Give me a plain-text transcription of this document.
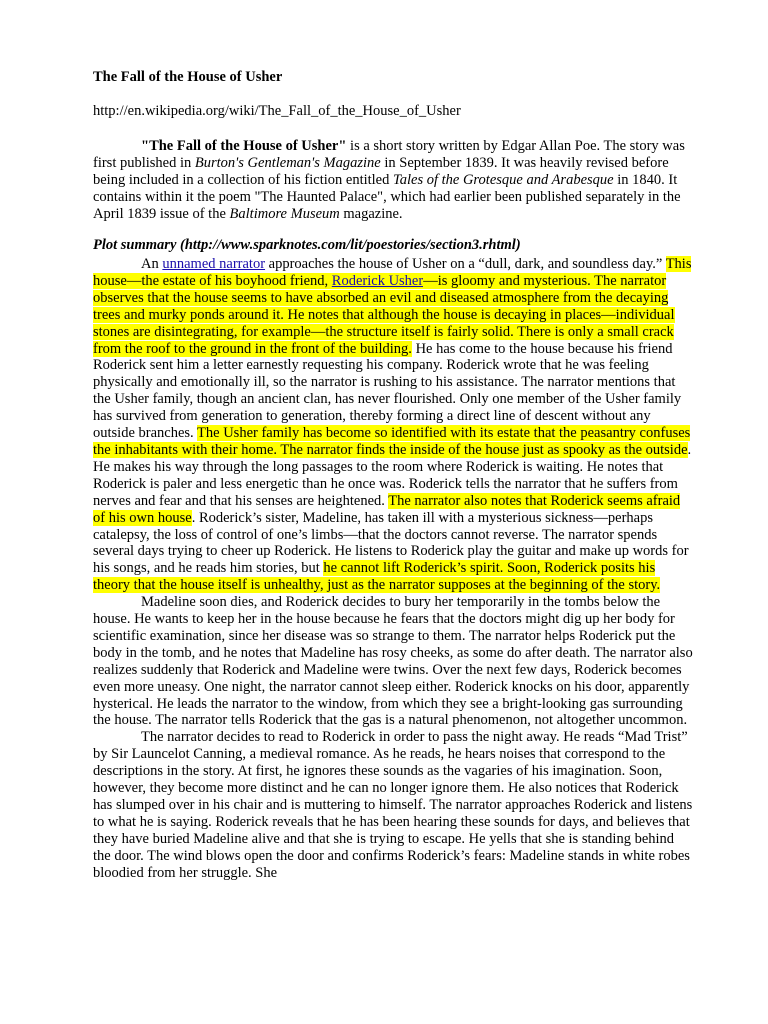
The Fall of the House of Usher
http://en.wikipedia.org/wiki/The_Fall_of_the_House_of_Usher
"The Fall of the House of Usher" is a short story written by Edgar Allan Poe. The story was first published in Burton's Gentleman's Magazine in September 1839. It was heavily revised before being included in a collection of his fiction entitled Tales of the Grotesque and Arabesque in 1840. It contains within it the poem "The Haunted Palace", which had earlier been published separately in the April 1839 issue of the Baltimore Museum magazine.
Plot summary (http://www.sparknotes.com/lit/poestories/section3.rhtml)

An unnamed narrator approaches the house of Usher on a “dull, dark, and soundless day.” This house—the estate of his boyhood friend, Roderick Usher—is gloomy and mysterious. The narrator observes that the house seems to have absorbed an evil and diseased atmosphere from the decaying trees and murky ponds around it. He notes that although the house is decaying in places—individual stones are disintegrating, for example—the structure itself is fairly solid. There is only a small crack from the roof to the ground in the front of the building. He has come to the house because his friend Roderick sent him a letter earnestly requesting his company. Roderick wrote that he was feeling physically and emotionally ill, so the narrator is rushing to his assistance. The narrator mentions that the Usher family, though an ancient clan, has never flourished. Only one member of the Usher family has survived from generation to generation, thereby forming a direct line of descent without any outside branches. The Usher family has become so identified with its estate that the peasantry confuses the inhabitants with their home. The narrator finds the inside of the house just as spooky as the outside. He makes his way through the long passages to the room where Roderick is waiting. He notes that Roderick is paler and less energetic than he once was. Roderick tells the narrator that he suffers from nerves and fear and that his senses are heightened. The narrator also notes that Roderick seems afraid of his own house. Roderick’s sister, Madeline, has taken ill with a mysterious sickness—perhaps catalepsy, the loss of control of one’s limbs—that the doctors cannot reverse. The narrator spends several days trying to cheer up Roderick. He listens to Roderick play the guitar and make up words for his songs, and he reads him stories, but he cannot lift Roderick’s spirit. Soon, Roderick posits his theory that the house itself is unhealthy, just as the narrator supposes at the beginning of the story.

Madeline soon dies, and Roderick decides to bury her temporarily in the tombs below the house. He wants to keep her in the house because he fears that the doctors might dig up her body for scientific examination, since her disease was so strange to them. The narrator helps Roderick put the body in the tomb, and he notes that Madeline has rosy cheeks, as some do after death. The narrator also realizes suddenly that Roderick and Madeline were twins. Over the next few days, Roderick becomes even more uneasy. One night, the narrator cannot sleep either. Roderick knocks on his door, apparently hysterical. He leads the narrator to the window, from which they see a bright-looking gas surrounding the house. The narrator tells Roderick that the gas is a natural phenomenon, not altogether uncommon.

The narrator decides to read to Roderick in order to pass the night away. He reads “Mad Trist” by Sir Launcelot Canning, a medieval romance. As he reads, he hears noises that correspond to the descriptions in the story. At first, he ignores these sounds as the vagaries of his imagination. Soon, however, they become more distinct and he can no longer ignore them. He also notices that Roderick has slumped over in his chair and is muttering to himself. The narrator approaches Roderick and listens to what he is saying. Roderick reveals that he has been hearing these sounds for days, and believes that they have buried Madeline alive and that she is trying to escape. He yells that she is standing behind the door. The wind blows open the door and confirms Roderick’s fears: Madeline stands in white robes bloodied from her struggle. She
